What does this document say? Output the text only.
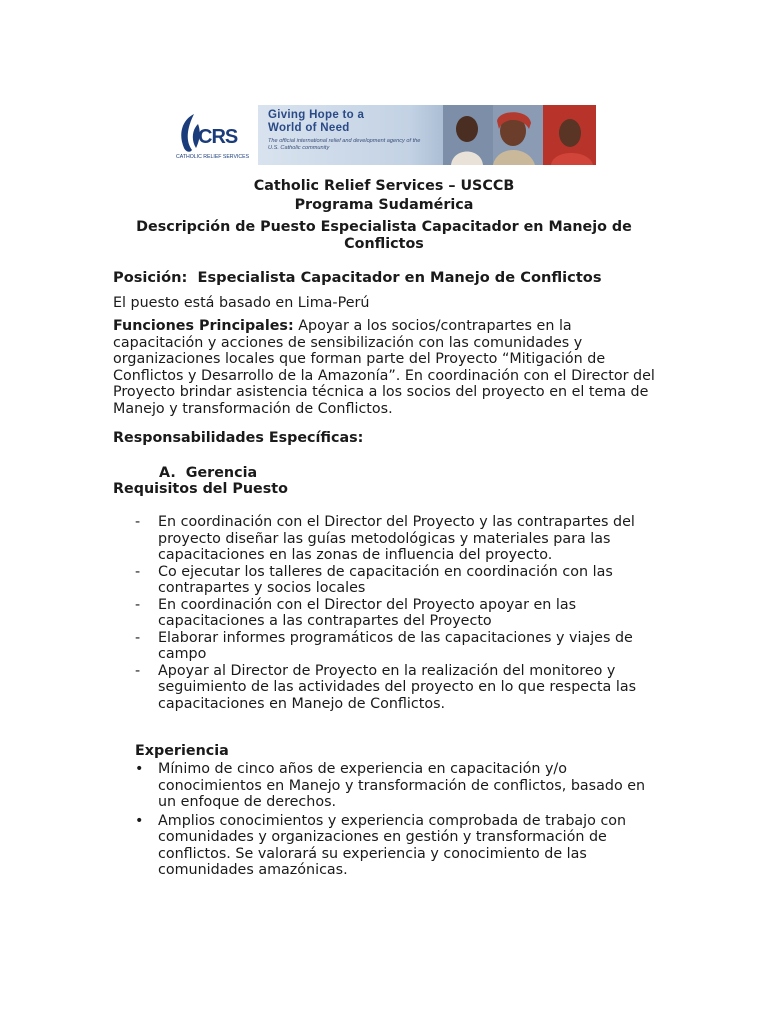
CRS
CATHOLIC RELIEF SERVICES
Giving Hope to a
World of Need
The official international relief and development agency of the U.S. Catholic community
Catholic Relief Services – USCCB
Programa Sudamérica
Descripción de Puesto Especialista Capacitador en Manejo de
Conflictos
Posición: Especialista Capacitador en Manejo de Conflictos
El puesto está basado en Lima-Perú
Funciones Principales: Apoyar a los socios/contrapartes en la capacitación y acciones de sensibilización con las comunidades y organizaciones locales que forman parte del Proyecto “Mitigación de Conflictos y Desarrollo de la Amazonía”. En coordinación con el Director del Proyecto brindar asistencia técnica a los socios del proyecto en el tema de Manejo y transformación de Conflictos.
Responsabilidades Específicas:
A. Gerencia
Requisitos del Puesto
-	En coordinación con el Director del Proyecto y las contrapartes del proyecto diseñar las guías metodológicas y materiales para las capacitaciones en las zonas de influencia del proyecto.
-	Co ejecutar los talleres de capacitación en coordinación con las contrapartes y socios locales
-	En coordinación con el Director del Proyecto apoyar en las capacitaciones a las contrapartes del Proyecto
-	Elaborar informes programáticos de las capacitaciones y viajes de campo
-	Apoyar al Director de Proyecto en la realización del monitoreo y seguimiento de las actividades del proyecto en lo que respecta las capacitaciones en Manejo de Conflictos.
Experiencia
•	Mínimo de cinco años de experiencia en capacitación y/o conocimientos en Manejo y transformación de conflictos, basado en un enfoque de derechos.
•	Amplios conocimientos y experiencia comprobada de trabajo con comunidades y organizaciones en gestión y transformación de conflictos. Se valorará su experiencia y conocimiento de las comunidades amazónicas.
